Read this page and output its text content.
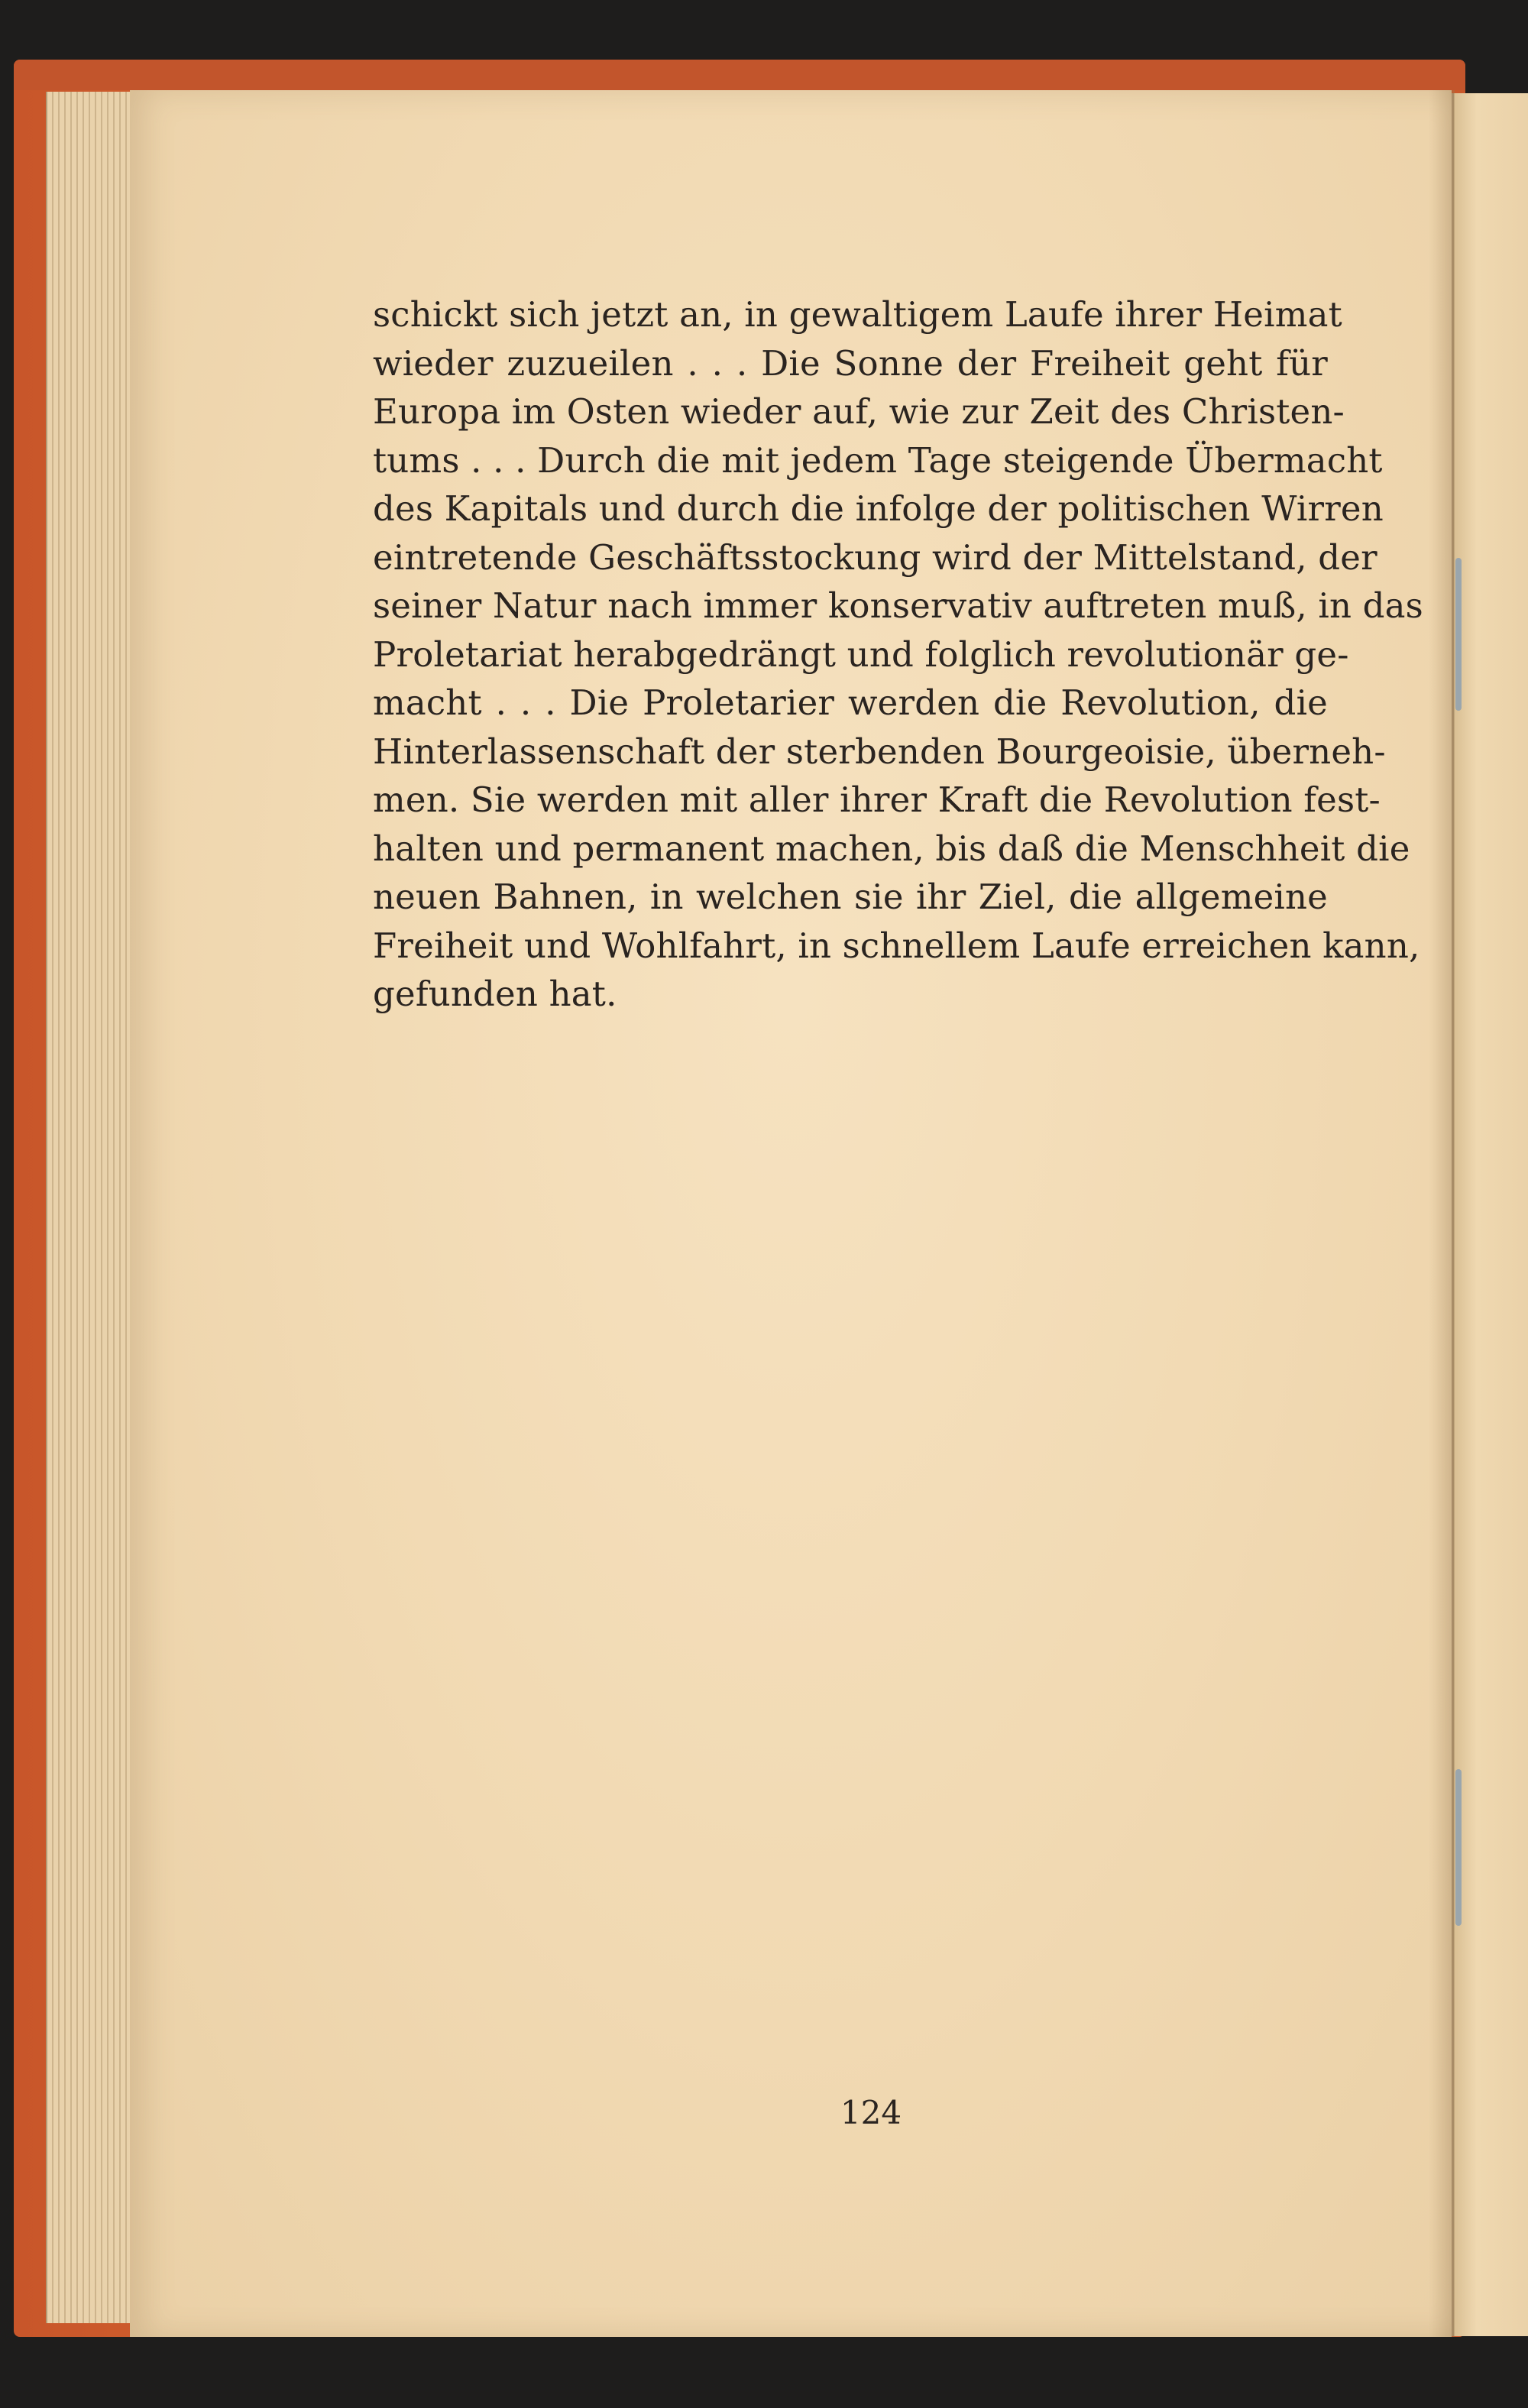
schickt sich jetzt an, in gewaltigem Laufe ihrer Heimat
wieder zuzueilen . . . Die Sonne der Freiheit geht für
Europa im Osten wieder auf, wie zur Zeit des Christen-
tums . . . Durch die mit jedem Tage steigende Übermacht
des Kapitals und durch die infolge der politischen Wirren
eintretende Geschäftsstockung wird der Mittelstand, der
seiner Natur nach immer konservativ auftreten muß, in das
Proletariat herabgedrängt und folglich revolutionär ge-
macht . . . Die Proletarier werden die Revolution, die
Hinterlassenschaft der sterbenden Bourgeoisie, überneh-
men. Sie werden mit aller ihrer Kraft die Revolution fest-
halten und permanent machen, bis daß die Menschheit die
neuen Bahnen, in welchen sie ihr Ziel, die allgemeine
Freiheit und Wohlfahrt, in schnellem Laufe erreichen kann,
gefunden hat.
124
